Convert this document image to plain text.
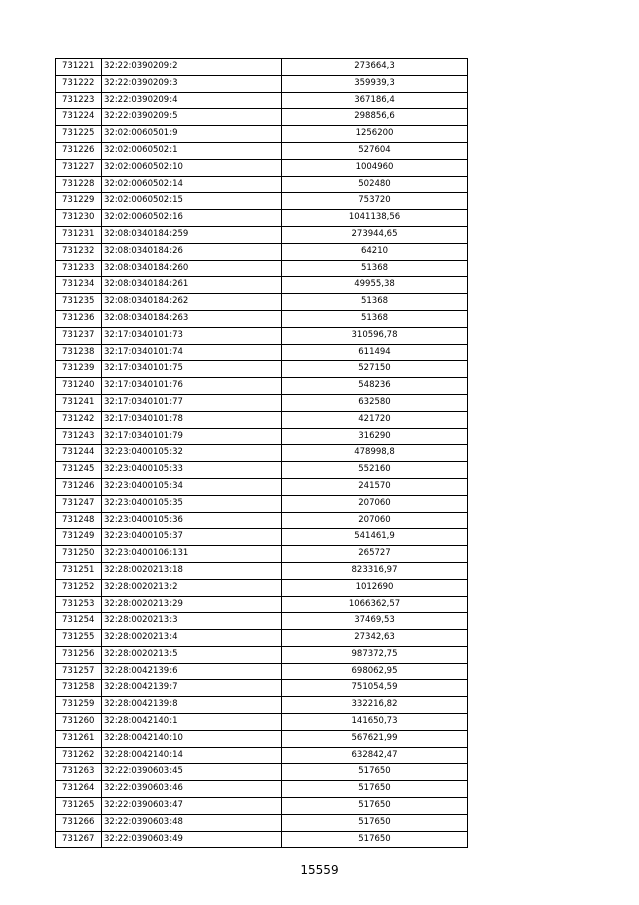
731221	32:22:0390209:2	273664,3
731222	32:22:0390209:3	359939,3
731223	32:22:0390209:4	367186,4
731224	32:22:0390209:5	298856,6
731225	32:02:0060501:9	1256200
731226	32:02:0060502:1	527604
731227	32:02:0060502:10	1004960
731228	32:02:0060502:14	502480
731229	32:02:0060502:15	753720
731230	32:02:0060502:16	1041138,56
731231	32:08:0340184:259	273944,65
731232	32:08:0340184:26	64210
731233	32:08:0340184:260	51368
731234	32:08:0340184:261	49955,38
731235	32:08:0340184:262	51368
731236	32:08:0340184:263	51368
731237	32:17:0340101:73	310596,78
731238	32:17:0340101:74	611494
731239	32:17:0340101:75	527150
731240	32:17:0340101:76	548236
731241	32:17:0340101:77	632580
731242	32:17:0340101:78	421720
731243	32:17:0340101:79	316290
731244	32:23:0400105:32	478998,8
731245	32:23:0400105:33	552160
731246	32:23:0400105:34	241570
731247	32:23:0400105:35	207060
731248	32:23:0400105:36	207060
731249	32:23:0400105:37	541461,9
731250	32:23:0400106:131	265727
731251	32:28:0020213:18	823316,97
731252	32:28:0020213:2	1012690
731253	32:28:0020213:29	1066362,57
731254	32:28:0020213:3	37469,53
731255	32:28:0020213:4	27342,63
731256	32:28:0020213:5	987372,75
731257	32:28:0042139:6	698062,95
731258	32:28:0042139:7	751054,59
731259	32:28:0042139:8	332216,82
731260	32:28:0042140:1	141650,73
731261	32:28:0042140:10	567621,99
731262	32:28:0042140:14	632842,47
731263	32:22:0390603:45	517650
731264	32:22:0390603:46	517650
731265	32:22:0390603:47	517650
731266	32:22:0390603:48	517650
731267	32:22:0390603:49	517650
15559
